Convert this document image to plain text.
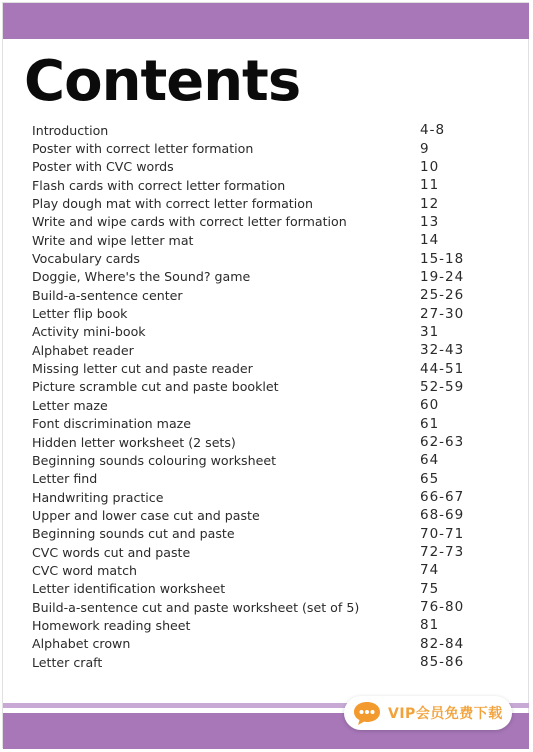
Contents
Introduction	4-8
Poster with correct letter formation	9
Poster with CVC words	10
Flash cards with correct letter formation	11
Play dough mat with correct letter formation	12
Write and wipe cards with correct letter formation	13
Write and wipe letter mat	14
Vocabulary cards	15-18
Doggie, Where's the Sound? game	19-24
Build-a-sentence center	25-26
Letter flip book	27-30
Activity mini-book	31
Alphabet reader	32-43
Missing letter cut and paste reader	44-51
Picture scramble cut and paste booklet	52-59
Letter maze	60
Font discrimination maze	61
Hidden letter worksheet (2 sets)	62-63
Beginning sounds colouring worksheet	64
Letter find	65
Handwriting practice	66-67
Upper and lower case cut and paste	68-69
Beginning sounds cut and paste	70-71
CVC words cut and paste	72-73
CVC word match	74
Letter identification worksheet	75
Build-a-sentence cut and paste worksheet (set of 5)	76-80
Homework reading sheet	81
Alphabet crown	82-84
Letter craft	85-86
VIP会员免费下载
